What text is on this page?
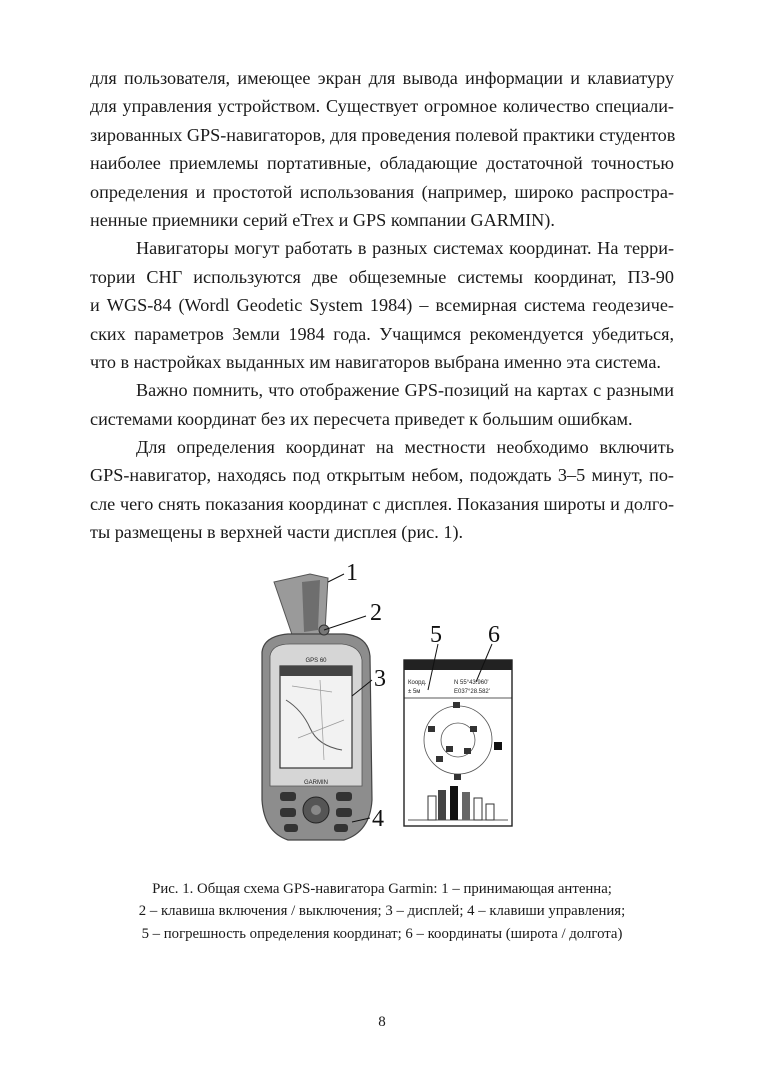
для пользователя, имеющее экран для вывода информации и клавиатуру
для управления устройством. Существует огромное количество специали-
зированных GPS-навигаторов, для проведения полевой практики студентов
наиболее приемлемы портативные, обладающие достаточной точностью
определения и простотой использования (например, широко распростра-
ненные приемники серий eTrex и GPS компании GARMIN).
Навигаторы могут работать в разных системах координат. На терри-
тории СНГ используются две общеземные системы координат, ПЗ-90
и WGS-84 (Wordl Geodetic System 1984) – всемирная система геодезиче-
ских параметров Земли 1984 года. Учащимся рекомендуется убедиться,
что в настройках выданных им навигаторов выбрана именно эта система.
Важно помнить, что отображение GPS-позиций на картах с разными
системами координат без их пересчета приведет к большим ошибкам.
Для определения координат на местности необходимо включить
GPS-навигатор, находясь под открытым небом, подождать 3–5 минут, по-
сле чего снять показания координат с дисплея. Показания широты и долго-
ты размещены в верхней части дисплея (рис. 1).
GARMIN
GPS 60
1
2
3
4
Коорд.
± 5м
N 55°43.960'
E037°28.582'
5 6
Рис. 1. Общая схема GPS-навигатора Garmin: 1 – принимающая антенна;
2 – клавиша включения / выключения; 3 – дисплей; 4 – клавиши управления;
5 – погрешность определения координат; 6 – координаты (широта / долгота)
8
